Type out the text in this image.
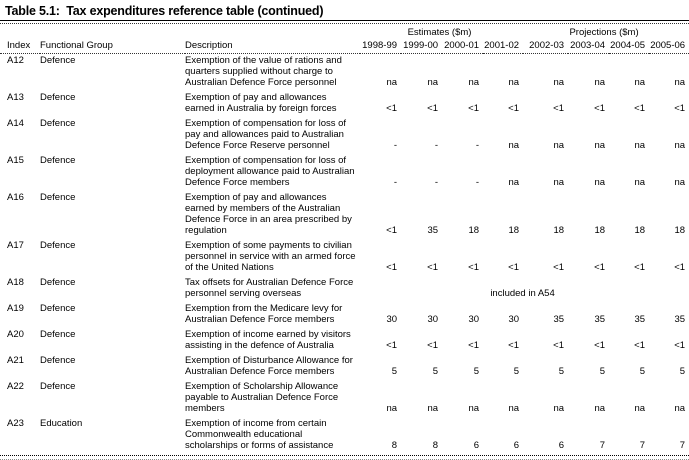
Table 5.1:  Tax expenditures reference table (continued)
			Estimates ($m)				Projections ($m)			
Index	Functional Group	Description	1998-99	1999-00	2000-01	2001-02	2002-03	2003-04	2004-05	2005-06
A12	Defence	Exemption of the value of rations and quarters supplied without charge to Australian Defence Force personnel	na	na	na	na	na	na	na	na
A13	Defence	Exemption of pay and allowances earned in Australia by foreign forces	<1	<1	<1	<1	<1	<1	<1	<1
A14	Defence	Exemption of compensation for loss of pay and allowances paid to Australian Defence Force Reserve personnel	-	-	-	na	na	na	na	na
A15	Defence	Exemption of compensation for loss of deployment allowance paid to Australian Defence Force members	-	-	-	na	na	na	na	na
A16	Defence	Exemption of pay and allowances earned by members of the Australian Defence Force in an area prescribed by regulation	<1	35	18	18	18	18	18	18
A17	Defence	Exemption of some payments to civilian personnel in service with an armed force of the United Nations	<1	<1	<1	<1	<1	<1	<1	<1
A18	Defence	Tax offsets for Australian Defence Force personnel serving overseas	included in A54							
A19	Defence	Exemption from the Medicare levy for Australian Defence Force members	30	30	30	30	35	35	35	35
A20	Defence	Exemption of income earned by visitors assisting in the defence of Australia	<1	<1	<1	<1	<1	<1	<1	<1
A21	Defence	Exemption of Disturbance Allowance for Australian Defence Force members	5	5	5	5	5	5	5	5
A22	Defence	Exemption of Scholarship Allowance payable to Australian Defence Force members	na	na	na	na	na	na	na	na
A23	Education	Exemption of income from certain Commonwealth educational scholarships or forms of assistance	8	8	6	6	6	7	7	7
